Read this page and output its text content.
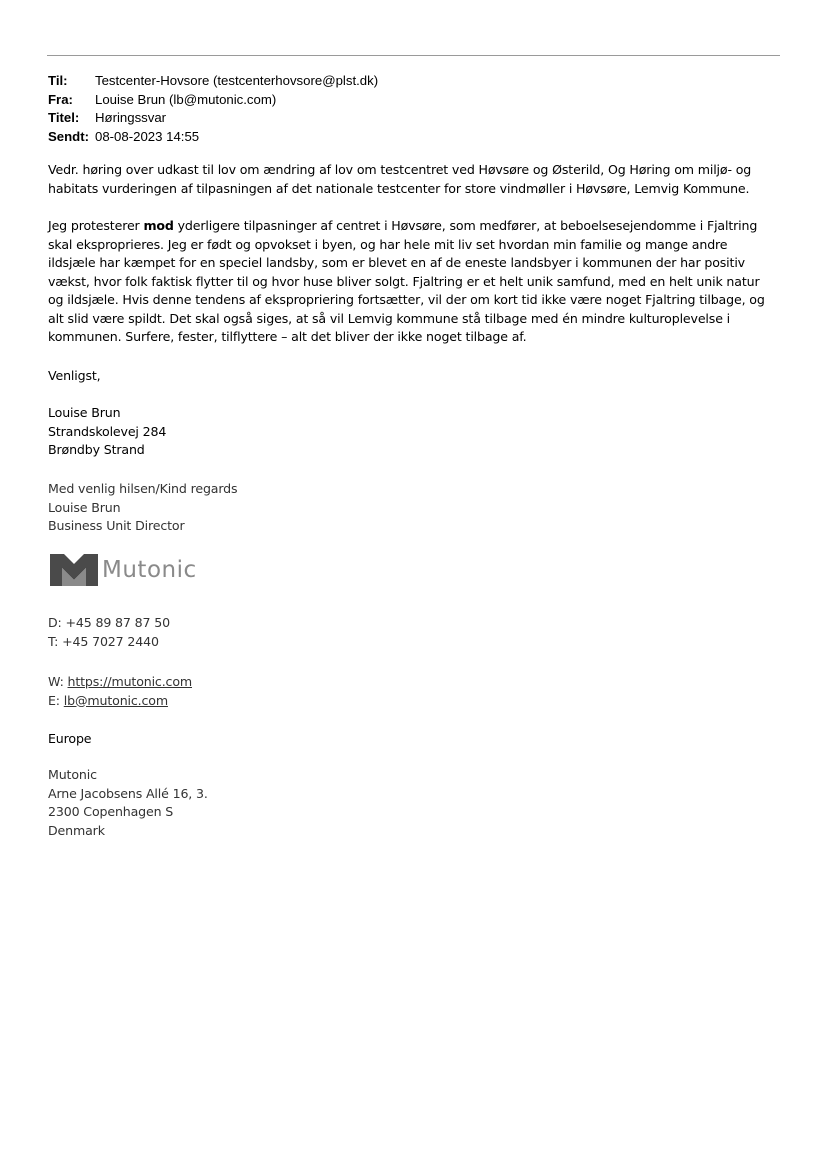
Til:	Testcenter-Hovsore (testcenterhovsore@plst.dk)
Fra:	Louise Brun (lb@mutonic.com)
Titel:	Høringssvar
Sendt: 08-08-2023 14:55
Vedr. høring over udkast til lov om ændring af lov om testcentret ved Høvsøre og Østerild, Og Høring om miljø- og
habitats vurderingen af tilpasningen af det nationale testcenter for store vindmøller i Høvsøre, Lemvig Kommune.
Jeg protesterer mod yderligere tilpasninger af centret i Høvsøre, som medfører, at beboelsesejendomme i Fjaltring
skal eksproprieres. Jeg er født og opvokset i byen, og har hele mit liv set hvordan min familie og mange andre
ildsjæle har kæmpet for en speciel landsby, som er blevet en af de eneste landsbyer i kommunen der har positiv
vækst, hvor folk faktisk flytter til og hvor huse bliver solgt. Fjaltring er et helt unik samfund, med en helt unik natur
og ildsjæle. Hvis denne tendens af ekspropriering fortsætter, vil der om kort tid ikke være noget Fjaltring tilbage, og
alt slid være spildt. Det skal også siges, at så vil Lemvig kommune stå tilbage med én mindre kulturoplevelse i
kommunen. Surfere, fester, tilflyttere – alt det bliver der ikke noget tilbage af.
Venligst,
Louise Brun
Strandskolevej 284
Brøndby Strand
Med venlig hilsen/Kind regards
Louise Brun
Business Unit Director
Mutonic
D: +45 89 87 87 50
T: +45 7027 2440
W: https://mutonic.com
E: lb@mutonic.com
Europe
Mutonic
Arne Jacobsens Allé 16, 3.
2300 Copenhagen S
Denmark
